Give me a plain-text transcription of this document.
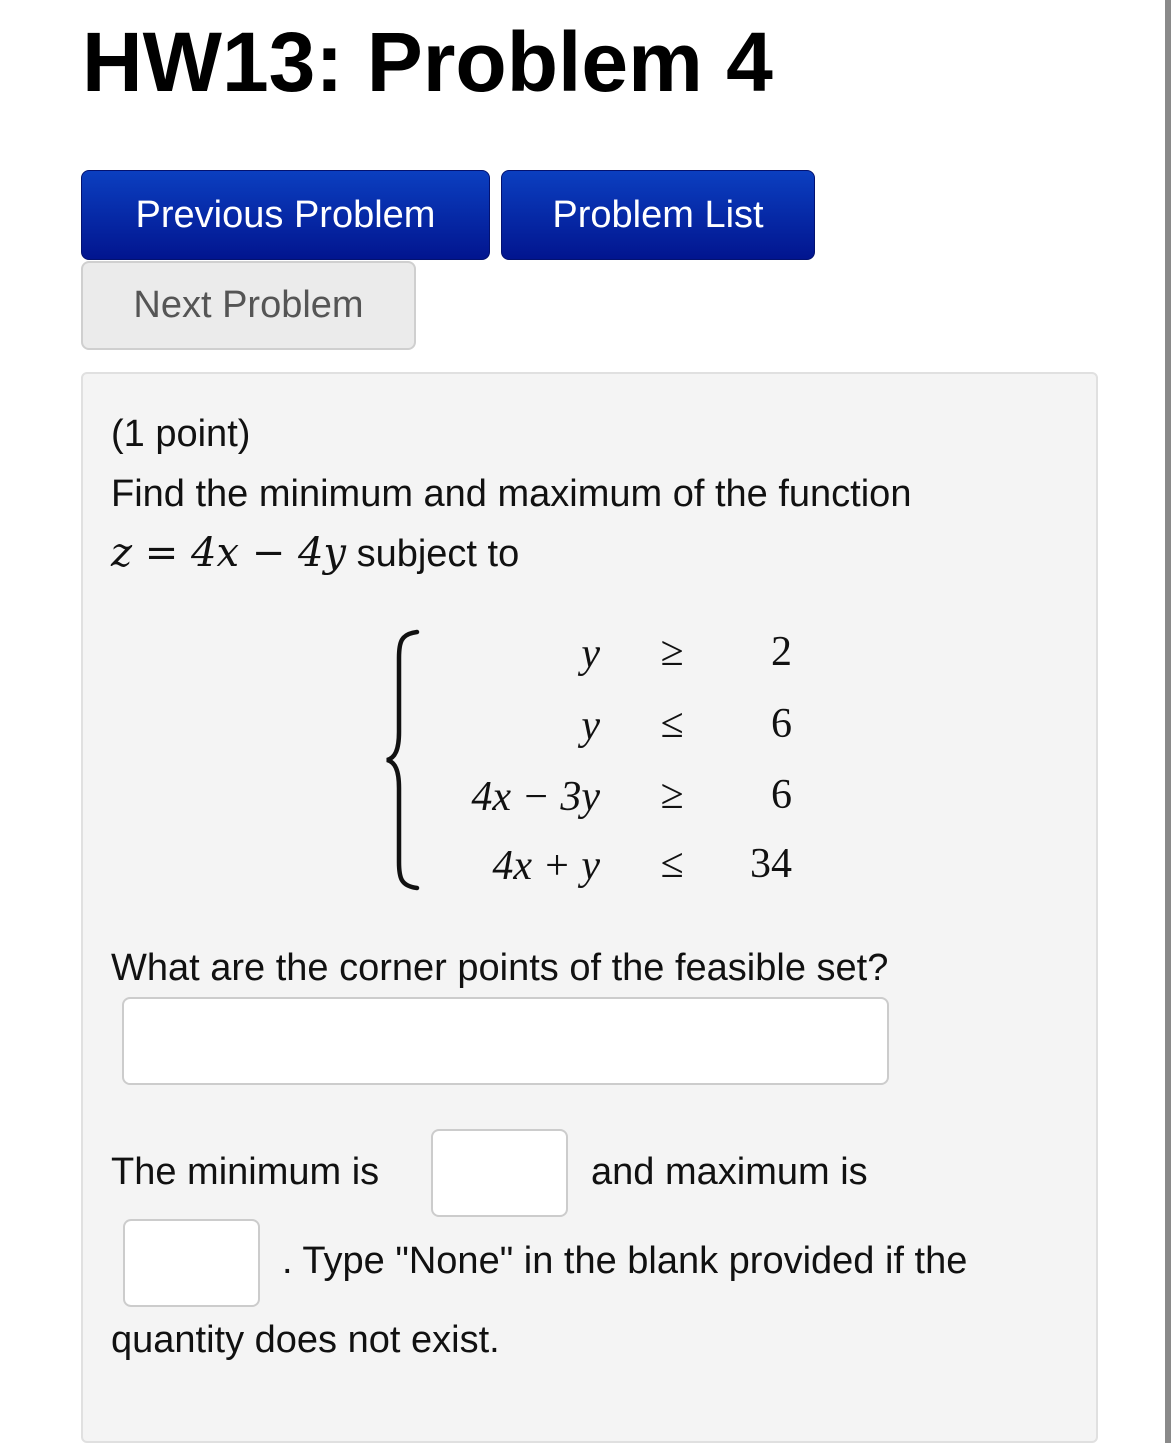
HW13: Problem 4
Previous Problem	Problem List
Next Problem
(1 point)
Find the minimum and maximum of the function
z = 4x − 4y subject to
y	≥	2
y	≤	6
4x − 3y	≥	6
4x + y	≤	34
What are the corner points of the feasible set?
The minimum is	and maximum is
. Type "None" in the blank provided if the
quantity does not exist.
